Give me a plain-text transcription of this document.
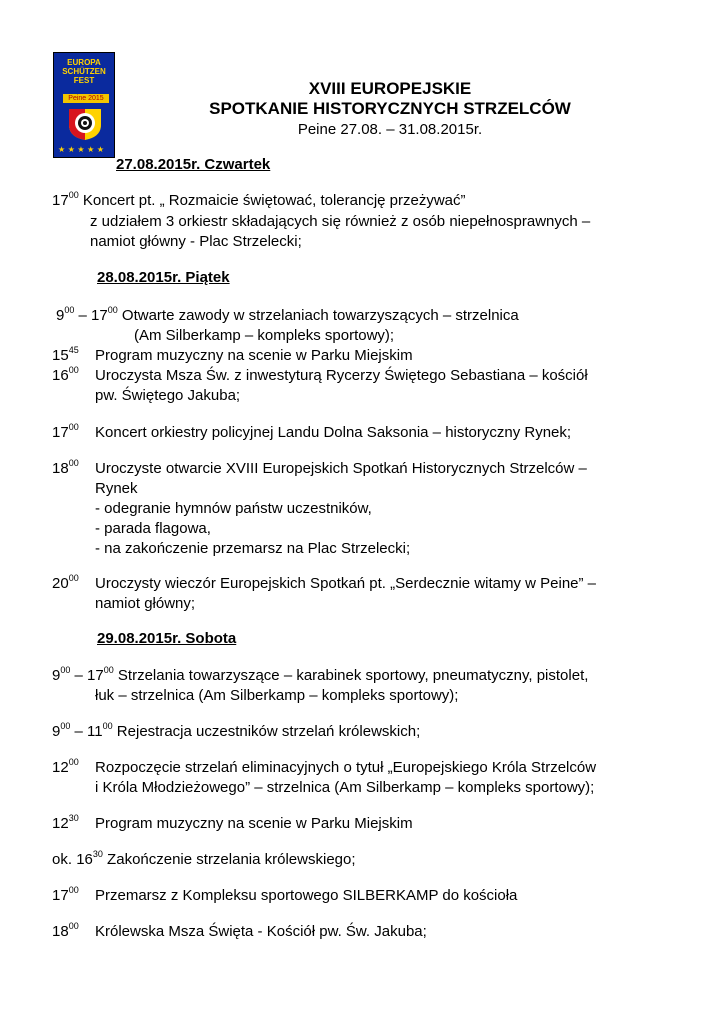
EUROPA
SCHÜTZEN
FEST
Peine 2015
★ ★ ★ ★ ★
XVIII EUROPEJSKIE
SPOTKANIE HISTORYCZNYCH STRZELCÓW
Peine 27.08. – 31.08.2015r.
27.08.2015r. Czwartek
$17^{00}$ Koncert pt. „ Rozmaicie świętować, tolerancję przeżywać”
z udziałem 3 orkiestr składających się również z osób niepełnosprawnych –
namiot główny - Plac Strzelecki;
28.08.2015r. Piątek
$9^{00} - 17^{00}$ Otwarte zawody w strzelaniach towarzyszących – strzelnica
(Am Silberkamp – kompleks sportowy);
$15^{45}$ Program muzyczny na scenie w Parku Miejskim
$16^{00}$ Uroczysta Msza Św. z inwestyturą Rycerzy Świętego Sebastiana – kościół
pw. Świętego Jakuba;
$17^{00}$ Koncert orkiestry policyjnej Landu Dolna Saksonia – historyczny Rynek;
$18^{00}$ Uroczyste otwarcie XVIII Europejskich Spotkań Historycznych Strzelców –
Rynek
- odegranie hymnów państw uczestników,
- parada flagowa,
- na zakończenie przemarsz na Plac Strzelecki;
$20^{00}$ Uroczysty wieczór Europejskich Spotkań pt. „Serdecznie witamy w Peine” –
namiot główny;
29.08.2015r. Sobota
$9^{00} - 17^{00}$ Strzelania towarzyszące – karabinek sportowy, pneumatyczny, pistolet,
łuk – strzelnica (Am Silberkamp – kompleks sportowy);
$9^{00} - 11^{00}$ Rejestracja uczestników strzelań królewskich;
$12^{00}$ Rozpoczęcie strzelań eliminacyjnych o tytuł „Europejskiego Króla Strzelców
i Króla Młodzieżowego” – strzelnica (Am Silberkamp – kompleks sportowy);
$12^{30}$ Program muzyczny na scenie w Parku Miejskim
ok. $16^{30}$ Zakończenie strzelania królewskiego;
$17^{00}$ Przemarsz z Kompleksu sportowego SILBERKAMP do kościoła
$18^{00}$ Królewska Msza Święta - Kościół pw. Św. Jakuba;
